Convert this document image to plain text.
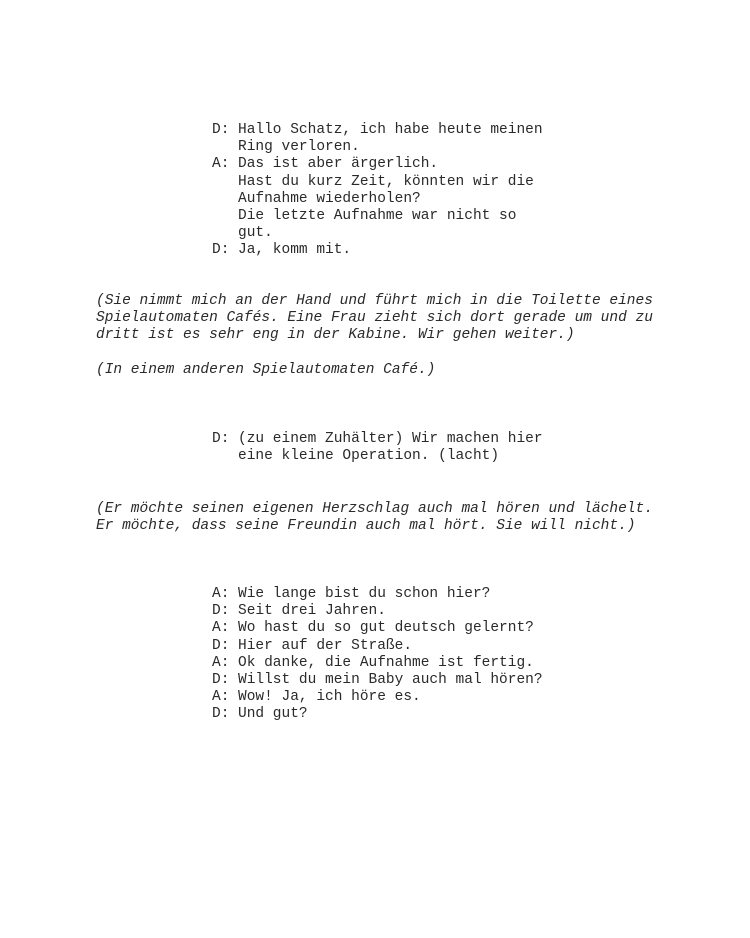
D: Hallo Schatz, ich habe heute meinen
Ring verloren.
A: Das ist aber ärgerlich.
Hast du kurz Zeit, könnten wir die
Aufnahme wiederholen?
Die letzte Aufnahme war nicht so
gut.
D: Ja, komm mit.
(Sie nimmt mich an der Hand und führt mich in die Toilette eines
Spielautomaten Cafés. Eine Frau zieht sich dort gerade um und zu
dritt ist es sehr eng in der Kabine. Wir gehen weiter.)
(In einem anderen Spielautomaten Café.)
D: (zu einem Zuhälter) Wir machen hier
eine kleine Operation. (lacht)
(Er möchte seinen eigenen Herzschlag auch mal hören und lächelt.
Er möchte, dass seine Freundin auch mal hört. Sie will nicht.)
A: Wie lange bist du schon hier?
D: Seit drei Jahren.
A: Wo hast du so gut deutsch gelernt?
D: Hier auf der Straße.
A: Ok danke, die Aufnahme ist fertig.
D: Willst du mein Baby auch mal hören?
A: Wow! Ja, ich höre es.
D: Und gut?
